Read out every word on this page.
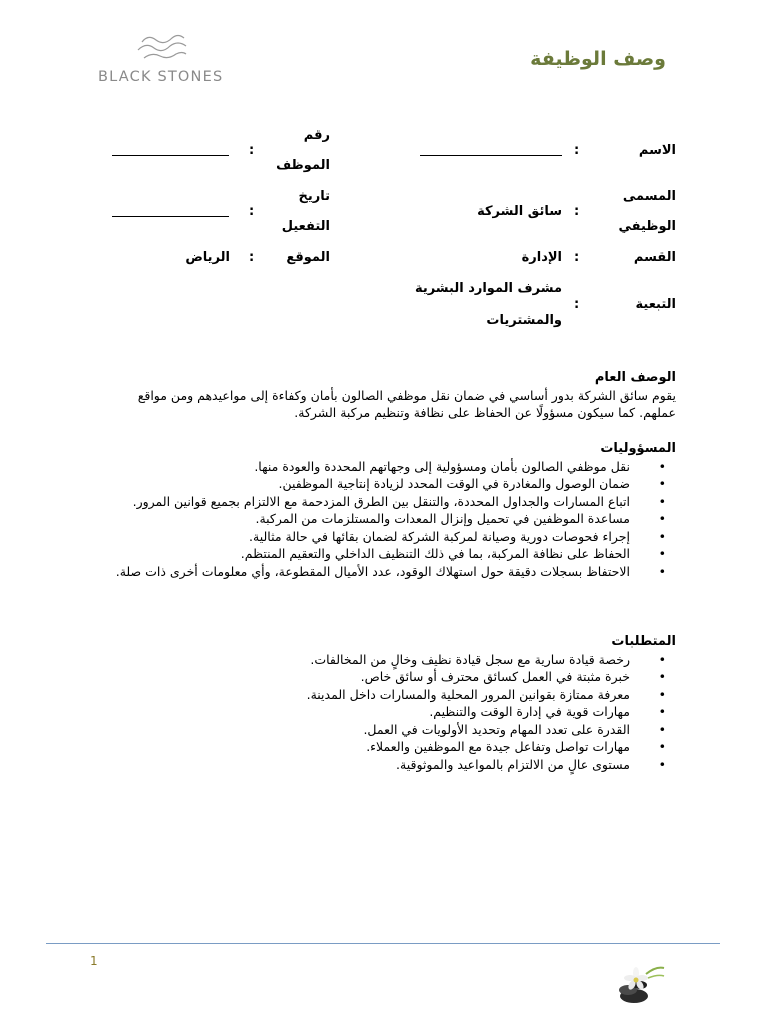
BLACK STONES
وصف الوظيفة
الاسم
:
المسمى
الوظيفي
:
سائق الشركة
القسم
:
الإدارة
التبعية
:
مشرف الموارد البشرية
والمشتريات
رقم
الموظف
:
تاريخ
التفعيل
:
الموقع
:
الرياض
الوصف العام

يقوم سائق الشركة بدور أساسي في ضمان نقل موظفي الصالون بأمان وكفاءة إلى مواعيدهم ومن مواقع عملهم. كما سيكون مسؤولًا عن الحفاظ على نظافة وتنظيم مركبة الشركة.

المسؤوليات
• نقل موظفي الصالون بأمان ومسؤولية إلى وجهاتهم المحددة والعودة منها.
• ضمان الوصول والمغادرة في الوقت المحدد لزيادة إنتاجية الموظفين.
• اتباع المسارات والجداول المحددة، والتنقل بين الطرق المزدحمة مع الالتزام بجميع قوانين المرور.
• مساعدة الموظفين في تحميل وإنزال المعدات والمستلزمات من المركبة.
• إجراء فحوصات دورية وصيانة لمركبة الشركة لضمان بقائها في حالة مثالية.
• الحفاظ على نظافة المركبة، بما في ذلك التنظيف الداخلي والتعقيم المنتظم.
• الاحتفاظ بسجلات دقيقة حول استهلاك الوقود، عدد الأميال المقطوعة، وأي معلومات أخرى ذات صلة.
المتطلبات
• رخصة قيادة سارية مع سجل قيادة نظيف وخالٍ من المخالفات.
• خبرة مثبتة في العمل كسائق محترف أو سائق خاص.
• معرفة ممتازة بقوانين المرور المحلية والمسارات داخل المدينة.
• مهارات قوية في إدارة الوقت والتنظيم.
• القدرة على تعدد المهام وتحديد الأولويات في العمل.
• مهارات تواصل وتفاعل جيدة مع الموظفين والعملاء.
• مستوى عالٍ من الالتزام بالمواعيد والموثوقية.
1
